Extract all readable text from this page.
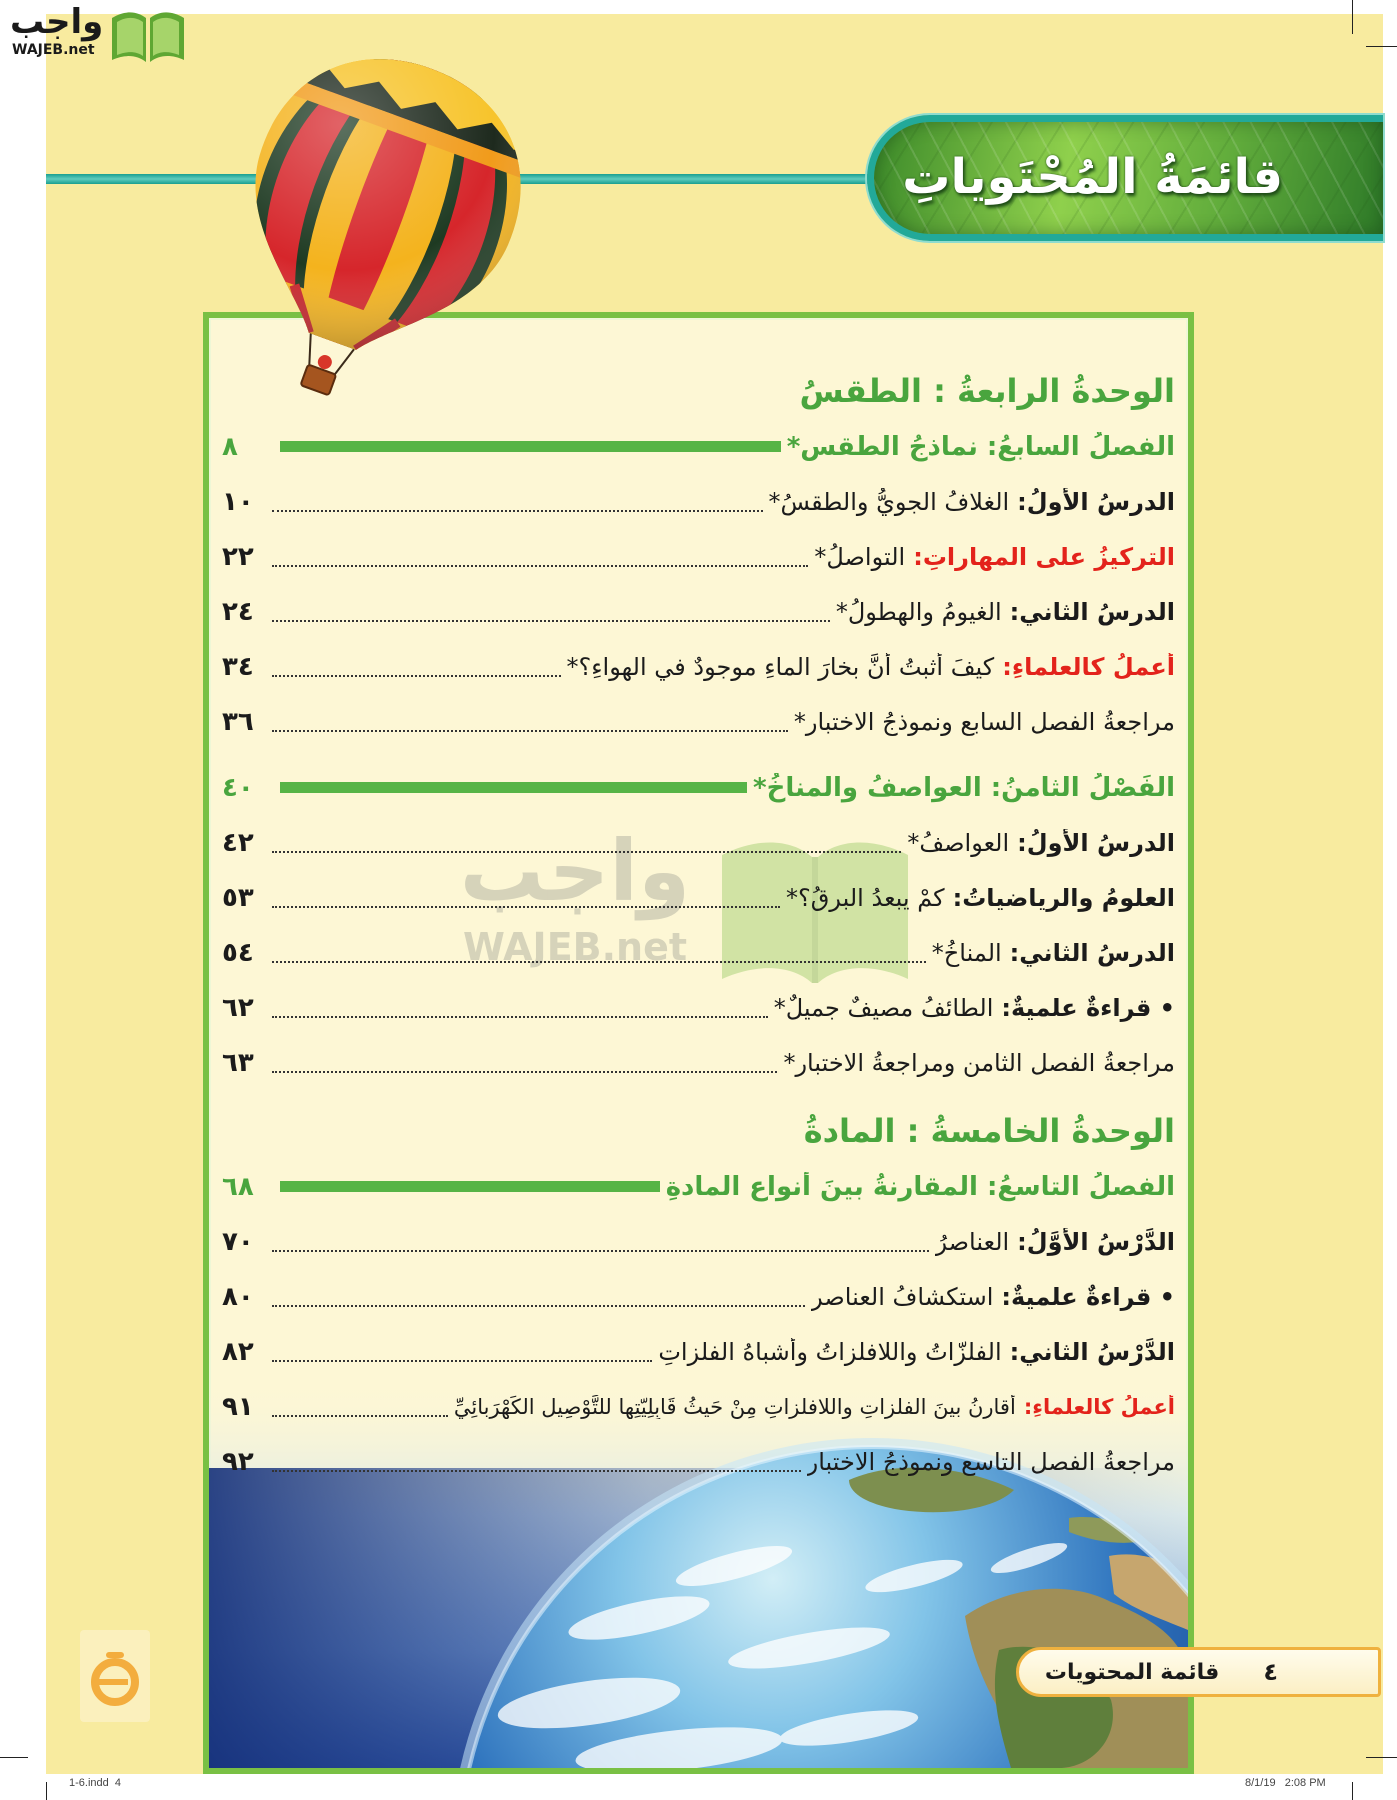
قائمَةُ المُحْتَوياتِ
واجب
WAJEB.net
واجب
WAJEB.net
الوحدةُ الرابعةُ : الطقسُ
الفصلُ السابعُ: نماذجُ الطقسِ*
٨
الدرسُ الأولُ:الغلافُ الجويُّ والطقسُ*
١٠
التركيزُ على المهاراتِ:التواصلُ*
٢٢
الدرسُ الثاني:الغيومُ والهطولُ*
٢٤
أعملُ كالعلماءِ:كيفَ أُثبتُ أنَّ بخارَ الماءِ موجودٌ في الهواءِ؟*
٣٤
مراجعةُ الفصلِ السابعِ ونموذجُ الاختبارِ*
٣٦
الفَصْلُ الثامنُ: العواصفُ والمناخُ*
٤٠
الدرسُ الأولُ:العواصفُ*
٤٢
العلومُ والرياضياتُ:كمْ يبعدُ البرقُ؟*
٥٣
الدرسُ الثاني:المناخُ*
٥٤
• قراءةٌ علميةٌ:الطائفُ مصيفٌ جميلٌ*
٦٢
مراجعةُ الفصلِ الثامنِ ومراجعةُ الاختبارِ*
٦٣
الوحدةُ الخامسةُ : المادةُ
الفصلُ التاسعُ: المقارنةُ بينَ أنواعِ المادةِ
٦٨
الدَّرْسُ الأَوَّلُ:العناصرُ
٧٠
• قراءةٌ علميةٌ:استكشافُ العناصرِ
٨٠
الدَّرْسُ الثاني:الفلزّاتُ واللافلزاتُ وأشباهُ الفلزاتِ
٨٢
أعملُ كالعلماءِ:أقارنُ بينَ الفلزاتِ واللافلزاتِ مِنْ حَيثُ قَابِلِيّتِها للتَّوْصِيلِ الكَهْرَبائِيِّ
٩١
مراجعةُ الفصلِ التاسعِ ونموذجُ الاختبارِ
٩٢
٤
قائمة المحتويات
1-6.indd  4	8/1/19   2:08 PM
